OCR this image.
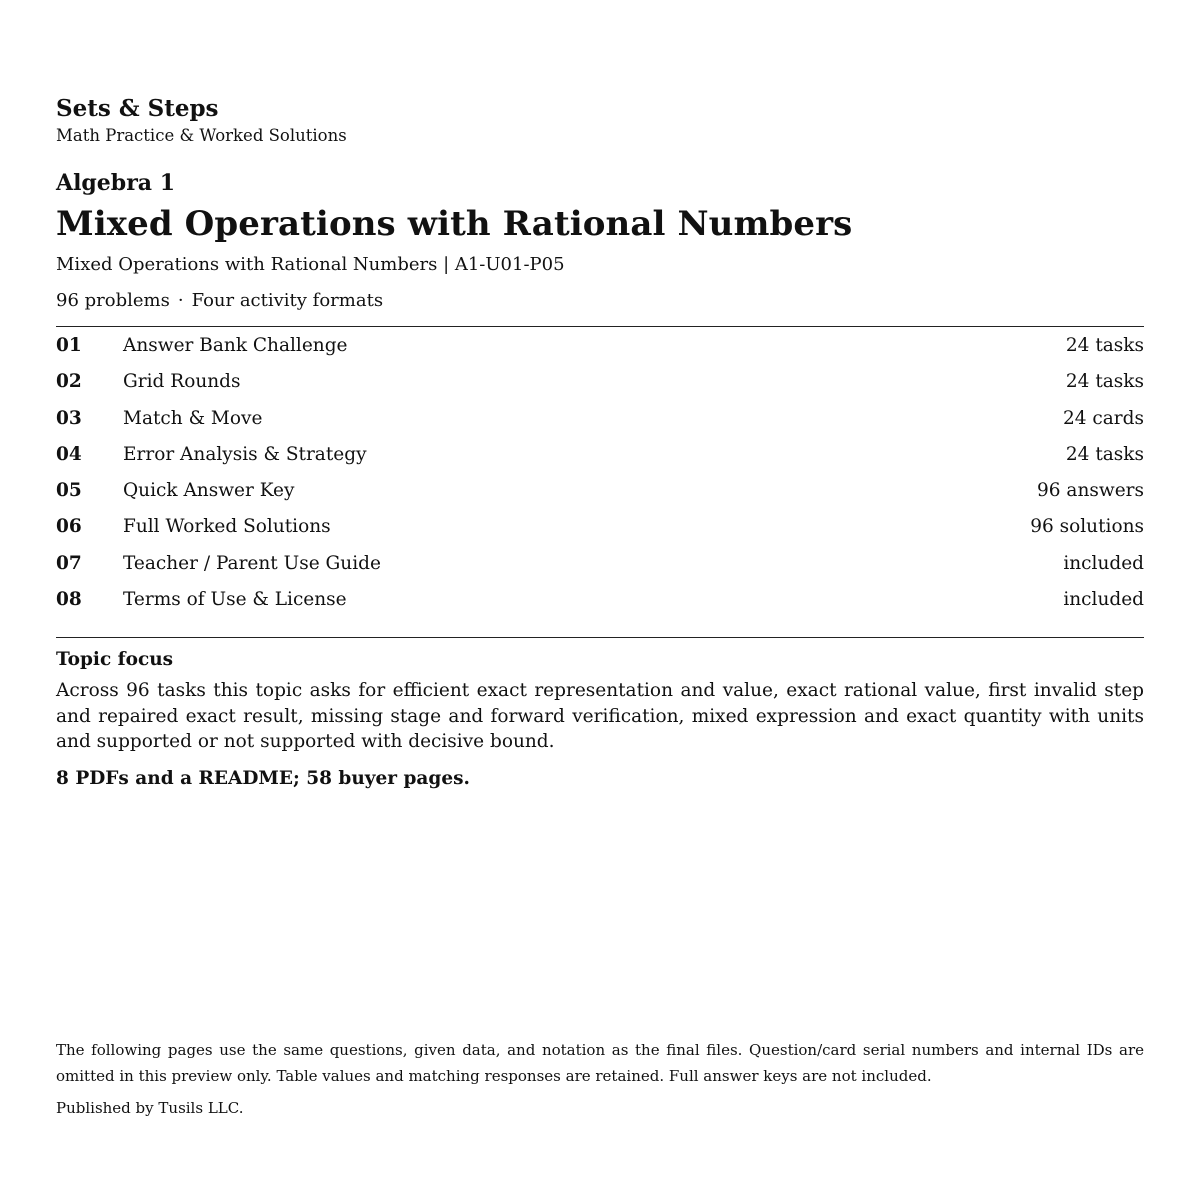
Sets & Steps
Math Practice & Worked Solutions
Algebra 1
Mixed Operations with Rational Numbers
Mixed Operations with Rational Numbers | A1-U01-P05
96 problems · Four activity formats
01	Answer Bank Challenge	24 tasks
02	Grid Rounds	24 tasks
03	Match & Move	24 cards
04	Error Analysis & Strategy	24 tasks
05	Quick Answer Key	96 answers
06	Full Worked Solutions	96 solutions
07	Teacher / Parent Use Guide	included
08	Terms of Use & License	included
Topic focus
Across 96 tasks this topic asks for efficient exact representation and value, exact rational value, first invalid step and repaired exact result, missing stage and forward verification, mixed expression and exact quantity with units and supported or not supported with decisive bound.
8 PDFs and a README; 58 buyer pages.
The following pages use the same questions, given data, and notation as the final files. Question/card serial numbers and internal IDs are omitted in this preview only. Table values and matching responses are retained. Full answer keys are not included.
Published by Tusils LLC.
